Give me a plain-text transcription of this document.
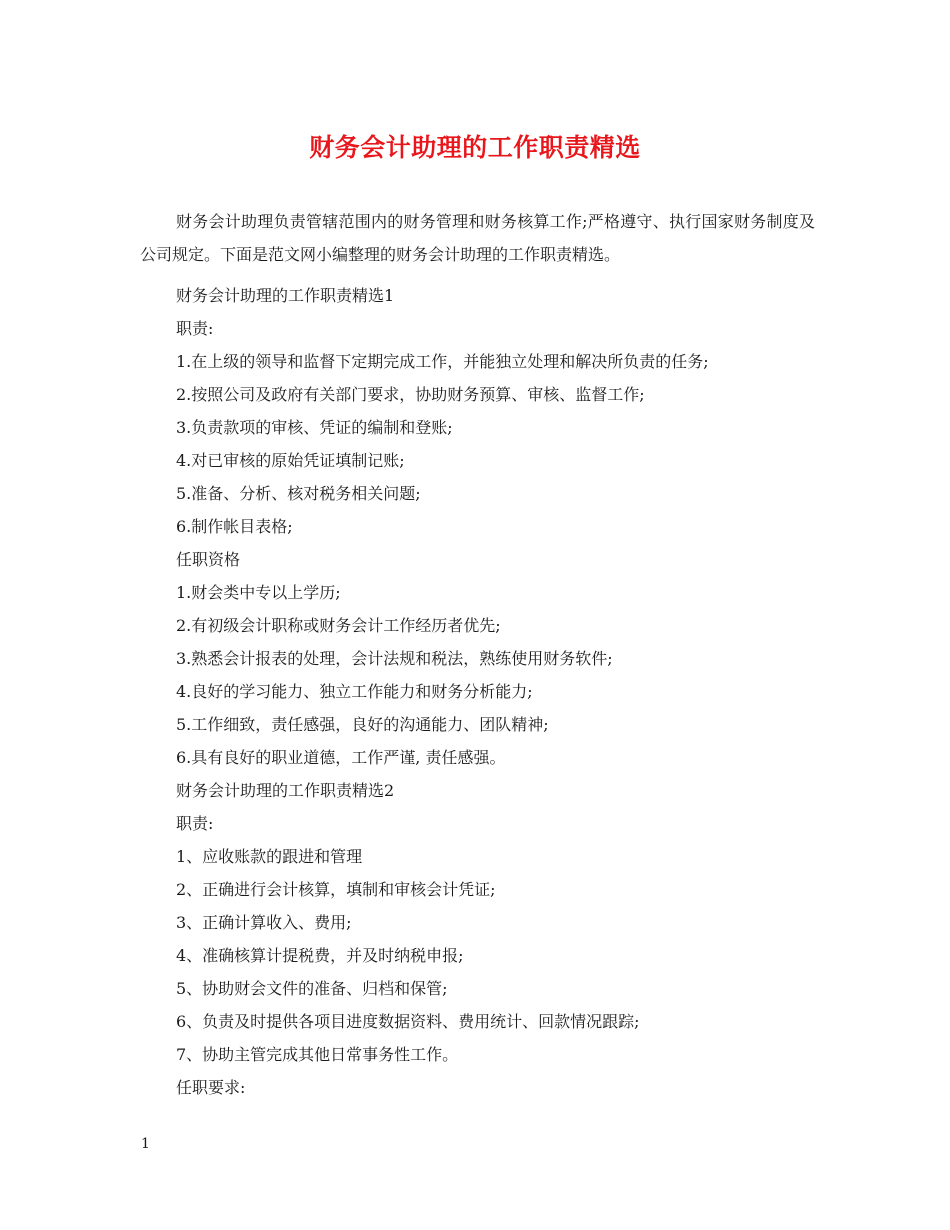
财务会计助理的工作职责精选

财务会计助理负责管辖范围内的财务管理和财务核算工作;严格遵守、执行国家财务制度及公司规定。下面是范文网小编整理的财务会计助理的工作职责精选。

财务会计助理的工作职责精选1
职责:
1.在上级的领导和监督下定期完成工作，并能独立处理和解决所负责的任务;
2.按照公司及政府有关部门要求，协助财务预算、审核、监督工作;
3.负责款项的审核、凭证的编制和登账;
4.对已审核的原始凭证填制记账;
5.准备、分析、核对税务相关问题;
6.制作帐目表格;
任职资格
1.财会类中专以上学历;
2.有初级会计职称或财务会计工作经历者优先;
3.熟悉会计报表的处理，会计法规和税法，熟练使用财务软件;
4.良好的学习能力、独立工作能力和财务分析能力;
5.工作细致，责任感强，良好的沟通能力、团队精神;
6.具有良好的职业道德，工作严谨, 责任感强。
财务会计助理的工作职责精选2
职责:
1、应收账款的跟进和管理
2、正确进行会计核算，填制和审核会计凭证;
3、正确计算收入、费用;
4、准确核算计提税费，并及时纳税申报;
5、协助财会文件的准备、归档和保管;
6、负责及时提供各项目进度数据资料、费用统计、回款情况跟踪;
7、协助主管完成其他日常事务性工作。
任职要求:
1
